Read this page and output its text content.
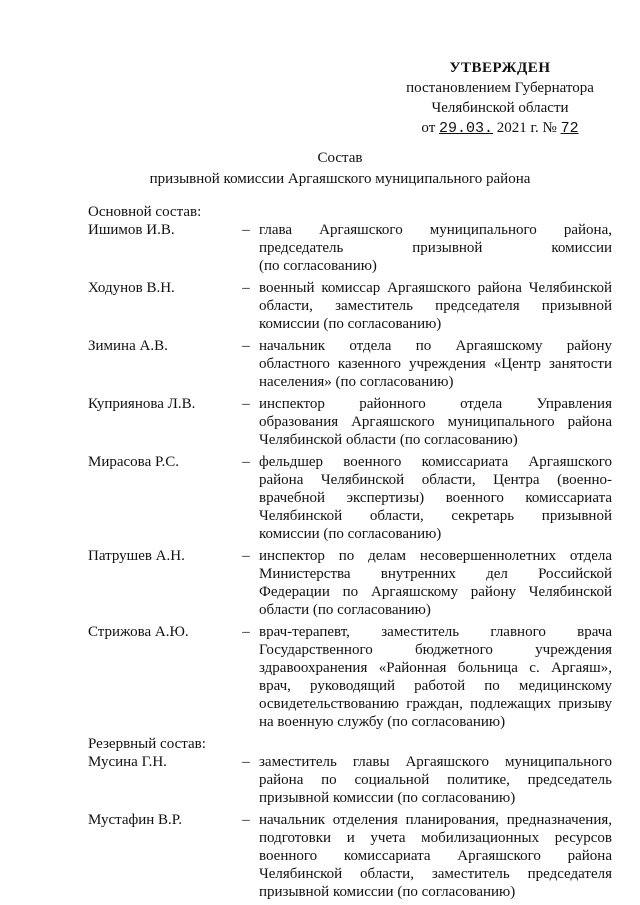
УТВЕРЖДЕН
постановлением Губернатора
Челябинской области
от 29.03. 2021 г. № 72
Состав
призывной комиссии Аргаяшского муниципального района
Основной состав:
Ишимов И.В.	– глава Аргаяшского муниципального района,
председатель призывной комиссии
(по согласованию)
Ходунов В.Н.	– военный комиссар Аргаяшского района Челябинской
области, заместитель председателя призывной
комиссии (по согласованию)
Зимина А.В.	– начальник отдела по Аргаяшскому району
областного казенного учреждения «Центр занятости
населения» (по согласованию)
Куприянова Л.В.	– инспектор районного отдела Управления
образования Аргаяшского муниципального района
Челябинской области (по согласованию)
Мирасова Р.С.	– фельдшер военного комиссариата Аргаяшского
района Челябинской области, Центра (военно-
врачебной экспертизы) военного комиссариата
Челябинской области, секретарь призывной
комиссии (по согласованию)
Патрушев А.Н.	– инспектор по делам несовершеннолетних отдела
Министерства внутренних дел Российской
Федерации по Аргаяшскому району Челябинской
области (по согласованию)
Стрижова А.Ю.	– врач-терапевт, заместитель главного врача
Государственного бюджетного учреждения
здравоохранения «Районная больница с. Аргаяш»,
врач, руководящий работой по медицинскому
освидетельствованию граждан, подлежащих призыву
на военную службу (по согласованию)
Резервный состав:
Мусина Г.Н.	– заместитель главы Аргаяшского муниципального
района по социальной политике, председатель
призывной комиссии (по согласованию)
Мустафин В.Р.	– начальник отделения планирования, предназначения,
подготовки и учета мобилизационных ресурсов
военного комиссариата Аргаяшского района
Челябинской области, заместитель председателя
призывной комиссии (по согласованию)
